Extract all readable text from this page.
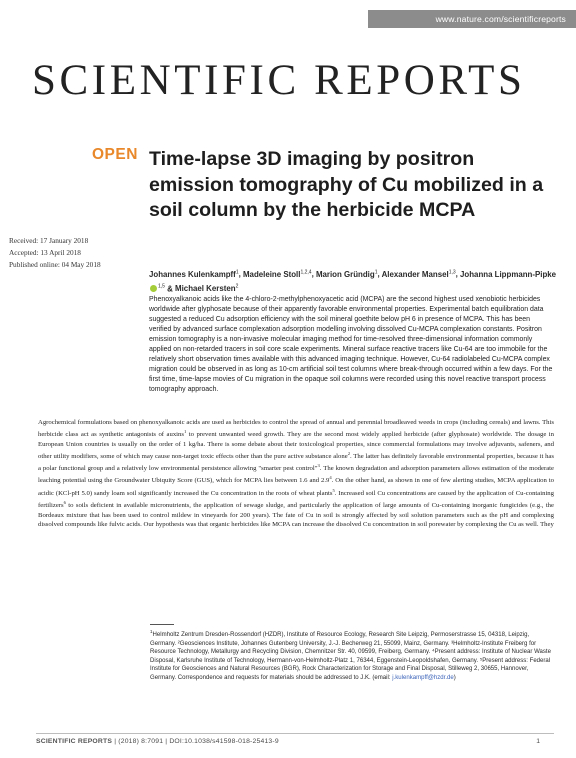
www.nature.com/scientificreports
SCIENTIFIC REPORTS
OPEN Time-lapse 3D imaging by positron emission tomography of Cu mobilized in a soil column by the herbicide MCPA
Received: 17 January 2018
Accepted: 13 April 2018
Published online: 04 May 2018
Johannes Kulenkampff$^1$, Madeleine Stoll$^{1,2,4}$, Marion Gründig$^1$, Alexander Mansel$^{1,3}$, Johanna Lippmann-Pipke$^{1,5}$ & Michael Kersten$^2$

Phenoxyalkanoic acids like the 4-chloro-2-methylphenoxyacetic acid (MCPA) are the second highest used xenobiotic herbicides worldwide after glyphosate because of their apparently favorable environmental properties. Experimental batch equilibration data suggested a reduced Cu adsorption efficiency with the soil mineral goethite below pH 6 in presence of MCPA. This has been verified by advanced surface complexation adsorption modelling involving dissolved Cu-MCPA complexation constants. Positron emission tomography is a non-invasive molecular imaging method for time-resolved three-dimensional information commonly applied on non-retarded tracers in soil core scale experiments. Mineral surface reactive tracers like Cu-64 are too immobile for the relatively short observation times available with this advanced imaging technique. However, Cu-64 radiolabeled Cu-MCPA complex migration could be observed in as long as 10-cm artificial soil test columns where break-through occurred within a few days. For the first time, time-lapse movies of Cu migration in the opaque soil columns were recorded using this novel reactive transport process tomography approach.

Agrochemical formulations based on phenoxyalkanoic acids are used as herbicides to control the spread of annual and perennial broadleaved weeds in crops (including cereals) and lawns. This herbicide class act as synthetic antagonists of auxins$^1$ to prevent unwanted weed growth. They are the second most widely applied herbicide (after glyphosate) worldwide. The dosage in European Union countries is usually on the order of 1 kg/ha. There is some debate about their toxicological properties, since commercial formulations may involve adjuvants, safeners, and other utility modifiers, some of which may cause non-target toxic effects other than the pure active substance alone$^2$. The latter has definitely favorable environmental properties, because it has a polar functional group and a relatively low environmental persistence allowing "smarter pest control"$^3$. The known degradation and adsorption parameters allows estimation of the moderate leaching potential using the Groundwater Ubiquity Score (GUS), which for MCPA lies between 1.6 and $2.9^4$. On the other hand, as shown in one of few alerting studies, MCPA application to acidic (KCl-pH 5.0) sandy loam soil significantly increased the Cu concentration in the roots of wheat plants$^5$. Increased soil Cu concentrations are caused by the application of Cu-containing fertilizers$^6$ to soils deficient in available micronutrients, the application of sewage sludge, and particularly the application of large amounts of Cu-containing inorganic fungicides (e.g., the Bordeaux mixture that has been used to control mildew in vineyards for 200 years). The fate of Cu in soil is strongly affected by soil solution parameters such as the pH and complexing dissolved compounds like fulvic acids. Our hypothesis was that organic herbicides like MCPA can increase the dissolved Cu concentration in soil porewater by complexing the Cu as well. They

$^1$Helmholtz Zentrum Dresden-Rossendorf (HZDR), Institute of Resource Ecology, Research Site Leipzig, Permoserstrasse 15, 04318, Leipzig, Germany. ²Geosciences Institute, Johannes Gutenberg University, J.-J. Becherweg 21, 55099, Mainz, Germany. ³Helmholtz-Institute Freiberg for Resource Technology, Metallurgy and Recycling Division, Chemnitzer Str. 40, 09599, Freiberg, Germany. ⁴Present address: Institute of Nuclear Waste Disposal, Karlsruhe Institute of Technology, Hermann-von-Helmholtz-Platz 1, 76344, Eggenstein-Leopoldshafen, Germany. ⁵Present address: Federal Institute for Geosciences and Natural Resources (BGR), Rock Characterization for Storage and Final Disposal, Stilleweg 2, 30655, Hannover, Germany. Correspondence and requests for materials should be addressed to J.K. (email: j.kulenkampff@hzdr.de)

SCIENTIFIC REPORTS | (2018) 8:7091 | DOI:10.1038/s41598-018-25413-9	1
